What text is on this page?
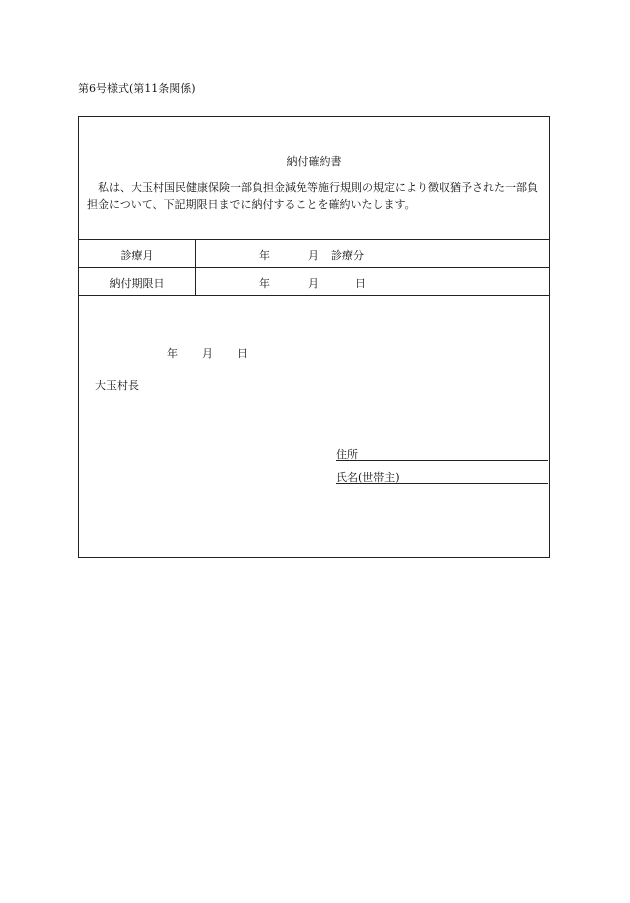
第6号様式(第11条関係)
納付確約書
私は、大玉村国民健康保険一部負担金減免等施行規則の規定により徴収猶予された一部負担金について、下記期限日までに納付することを確約いたします。
診療月	年	月 診療分
納付期限日	年	月	日
年 月 日
大玉村長
住所
氏名(世帯主)
